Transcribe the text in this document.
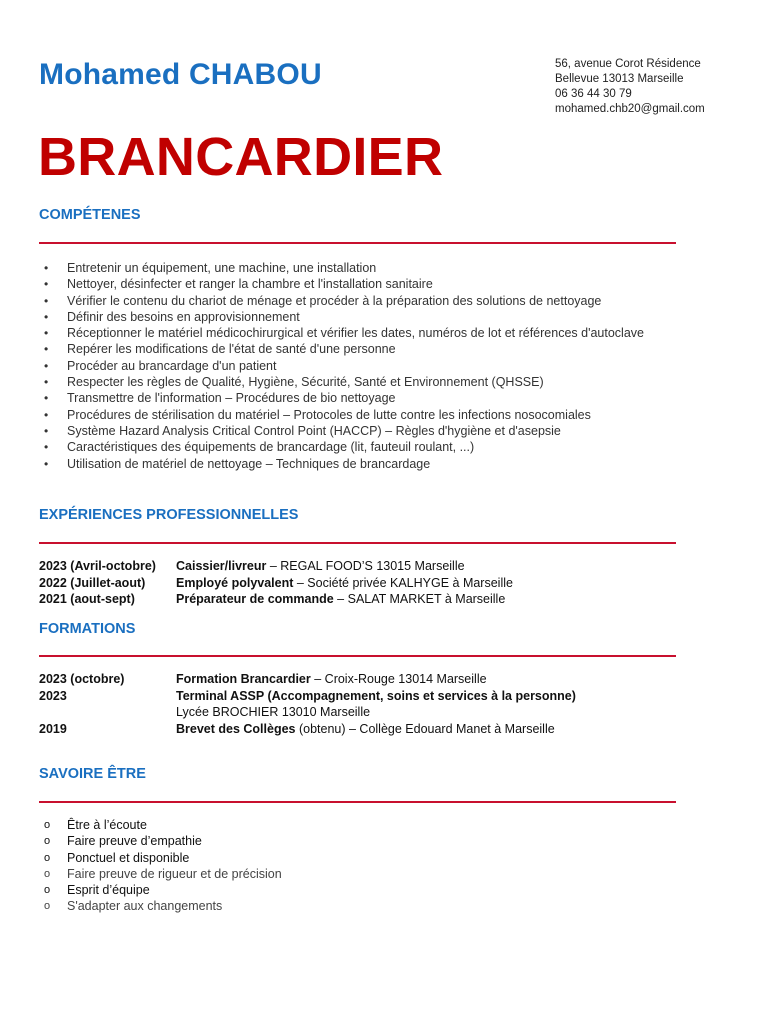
Mohamed CHABOU	56, avenue Corot Résidence
Bellevue 13013 Marseille
06 36 44 30 79
mohamed.chb20@gmail.com
BRANCARDIER
COMPÉTENES
• Entretenir un équipement, une machine, une installation
• Nettoyer, désinfecter et ranger la chambre et l'installation sanitaire
• Vérifier le contenu du chariot de ménage et procéder à la préparation des solutions de nettoyage
• Définir des besoins en approvisionnement
• Réceptionner le matériel médicochirurgical et vérifier les dates, numéros de lot et références d'autoclave
• Repérer les modifications de l'état de santé d'une personne
• Procéder au brancardage d'un patient
• Respecter les règles de Qualité, Hygiène, Sécurité, Santé et Environnement (QHSSE)
• Transmettre de l'information – Procédures de bio nettoyage
• Procédures de stérilisation du matériel – Protocoles de lutte contre les infections nosocomiales
• Système Hazard Analysis Critical Control Point (HACCP) – Règles d'hygiène et d'asepsie
• Caractéristiques des équipements de brancardage (lit, fauteuil roulant, ...)
• Utilisation de matériel de nettoyage – Techniques de brancardage
EXPÉRIENCES PROFESSIONNELLES
2023 (Avril-octobre)	Caissier/livreur – REGAL FOOD’S 13015 Marseille
2022 (Juillet-aout)	Employé polyvalent – Société privée KALHYGE à Marseille
2021 (aout-sept)	Préparateur de commande – SALAT MARKET à Marseille
FORMATIONS
2023 (octobre)	Formation Brancardier – Croix-Rouge 13014 Marseille
2023	Terminal ASSP (Accompagnement, soins et services à la personne)
Lycée BROCHIER 13010 Marseille
2019	Brevet des Collèges (obtenu) – Collège Edouard Manet à Marseille
SAVOIRE ÊTRE
o Être à l’écoute
o Faire preuve d’empathie
o Ponctuel et disponible
o Faire preuve de rigueur et de précision
o Esprit d’équipe
o S'adapter aux changements
